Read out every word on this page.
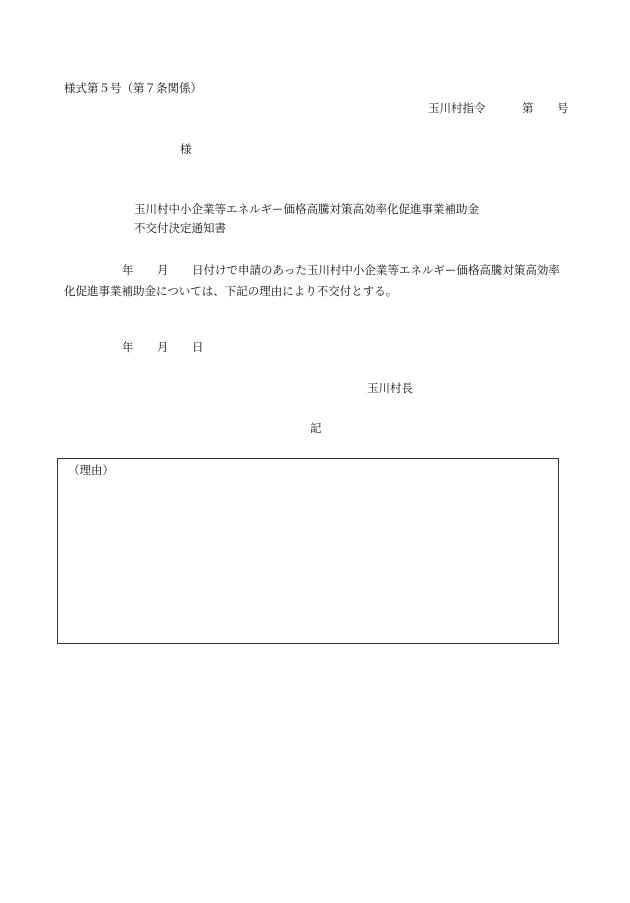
様式第５号（第７条関係）
玉川村指令	第 号
様
玉川村中小企業等エネルギー価格高騰対策高効率化促進事業補助金
不交付決定通知書
年 月 日付けで申請のあった玉川村中小企業等エネルギー価格高騰対策高効率
化促進事業補助金については、下記の理由により不交付とする。
年 月 日
玉川村長
記
（理由）
